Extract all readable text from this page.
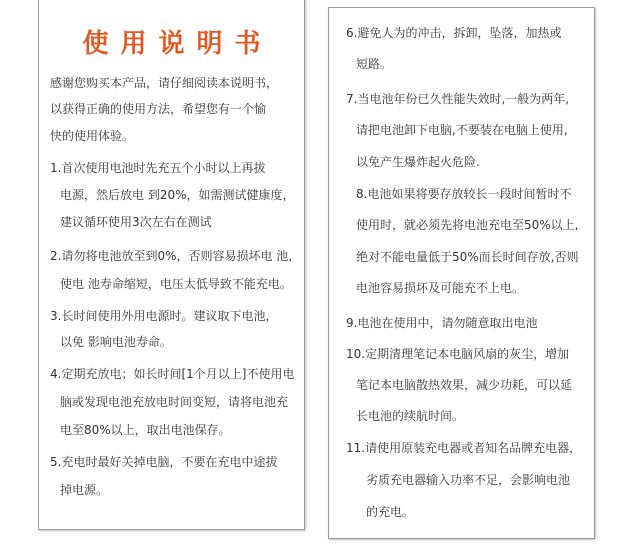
使用说明书
感谢您购买本产品，请仔细阅读本说明书，
以获得正确的使用方法，希望您有一个愉
快的使用体验。
1.首次使用电池时先充五个小时以上再拔
电源，然后放电 到20%，如需测试健康度，
建议循环使用3次左右在测试
2.请勿将电池放至到0%，否则容易损坏电 池，
使电 池寿命缩短，电压太低导致不能充电。
3.长时间使用外用电源时。建议取下电池，
以免 影响电池寿命。
4.定期充放电；如长时间[1个月以上]不使用电
脑或发现电池充放电时间变短，请将电池充
电至80%以上，取出电池保存。
5.充电时最好关掉电脑，不要在充电中途拔
掉电源。
6.避免人为的冲击，拆卸，坠落，加热或
短路。
7.当电池年份已久性能失效时,一般为两年,
请把电池卸下电脑,不要装在电脑上使用,
以免产生爆炸起火危险.
8.电池如果将要存放较长一段时间暂时不
使用时，就必须先将电池充电至50%以上,
绝对不能电量低于50%而长时间存放,否则
电池容易损坏及可能充不上电。
9.电池在使用中，请勿随意取出电池
10.定期清理笔记本电脑风扇的灰尘，增加
笔记本电脑散热效果，减少功耗，可以延
长电池的续航时间。
11.请使用原装充电器或者知名品牌充电器，
劣质充电器输入功率不足，会影响电池
的充电。
